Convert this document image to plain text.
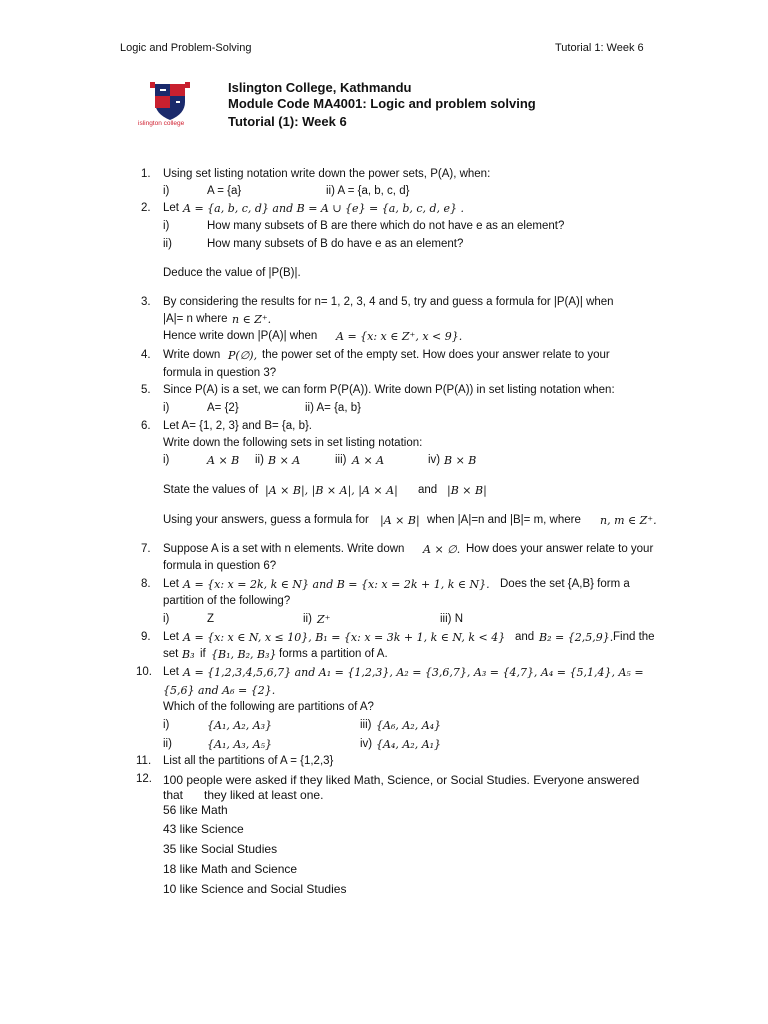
Logic and Problem-Solving	Tutorial 1: Week 6
islington college
Islington College, Kathmandu
Module Code MA4001: Logic and problem solving
Tutorial (1): Week 6
1. Using set listing notation write down the power sets, P(A), when:
i)	A = {a}	ii) A = {a, b, c, d}
2. Let A = {a, b, c, d} and B = A ∪ {e} = {a, b, c, d, e} .
i)	How many subsets of B are there which do not have e as an element?
ii)	How many subsets of B do have e as an element?
Deduce the value of |P(B)|.
3. By considering the results for n= 1, 2, 3, 4 and 5, try and guess a formula for |P(A)| when
|A|= n where n ∈ Z⁺.
Hence write down |P(A)| when A = {x: x ∈ Z⁺, x < 9}.
4. Write down P(∅), the power set of the empty set. How does your answer relate to your
formula in question 3?
5. Since P(A) is a set, we can form P(P(A)). Write down P(P(A)) in set listing notation when:
i)	A= {2}	ii) A= {a, b}
6. Let A= {1, 2, 3} and B= {a, b}.
Write down the following sets in set listing notation:
i)	A × B ii) B × A	iii) A × A	iv) B × B
State the values of |A × B|, |B × A|, |A × A| and |B × B|
Using your answers, guess a formula for |A × B| when |A|=n and |B|= m, where n, m ∈ Z⁺.
7. Suppose A is a set with n elements. Write down A × ∅. How does your answer relate to your
formula in question 6?
8. Let A = {x: x = 2k, k ∈ N} and B = {x: x = 2k + 1, k ∈ N}. Does the set {A,B} form a
partition of the following?
i)	Z	ii) Z⁺	iii) N
9. Let A = {x: x ∈ N, x ≤ 10}, B₁ = {x: x = 3k + 1, k ∈ N, k < 4} and B₂ = {2,5,9}. Find the
set B₃ if {B₁, B₂, B₃} forms a partition of A.
10. Let A = {1,2,3,4,5,6,7} and A₁ = {1,2,3}, A₂ = {3,6,7}, A₃ = {4,7}, A₄ = {5,1,4}, A₅ =
{5,6} and A₆ = {2}.
Which of the following are partitions of A?
i)	{A₁, A₂, A₃}	iii) {A₆, A₂, A₄}
ii)	{A₁, A₃, A₅}	iv) {A₄, A₂, A₁}
11. List all the partitions of A = {1,2,3}
12. 100 people were asked if they liked Math, Science, or Social Studies. Everyone answered
that they liked at least one.
56 like Math
43 like Science
35 like Social Studies
18 like Math and Science
10 like Science and Social Studies
